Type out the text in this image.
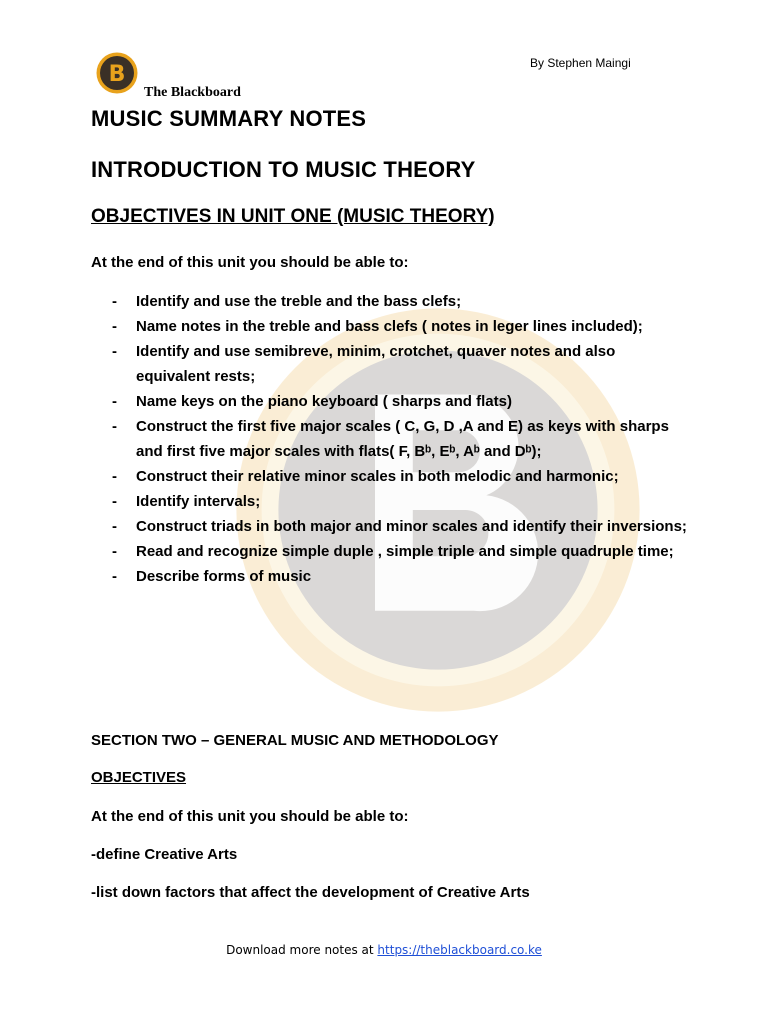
By Stephen Maingi
B
The Blackboard
MUSIC SUMMARY NOTES
INTRODUCTION TO MUSIC THEORY
OBJECTIVES IN UNIT ONE (MUSIC THEORY)
At the end of this unit you should be able to:
- Identify and use the treble and the bass clefs;
- Name notes in the treble and bass clefs ( notes in leger lines included);
- Identify and use semibreve, minim, crotchet, quaver notes and also equivalent rests;
- Name keys on the piano keyboard ( sharps and flats)
- Construct the first five major scales ( C, G, D ,A and E) as keys with sharps and first five major scales with flats( F, Bᵇ, Eᵇ, Aᵇ and Dᵇ);
- Construct their relative minor scales in both melodic and harmonic;
- Identify intervals;
- Construct triads in both major and minor scales and identify their inversions;
- Read and recognize simple duple , simple triple and simple quadruple time;
- Describe forms of music
SECTION TWO – GENERAL MUSIC AND METHODOLOGY
OBJECTIVES
At the end of this unit you should be able to:
-define Creative Arts
-list down factors that affect the development of Creative Arts
Download more notes at https://theblackboard.co.ke
